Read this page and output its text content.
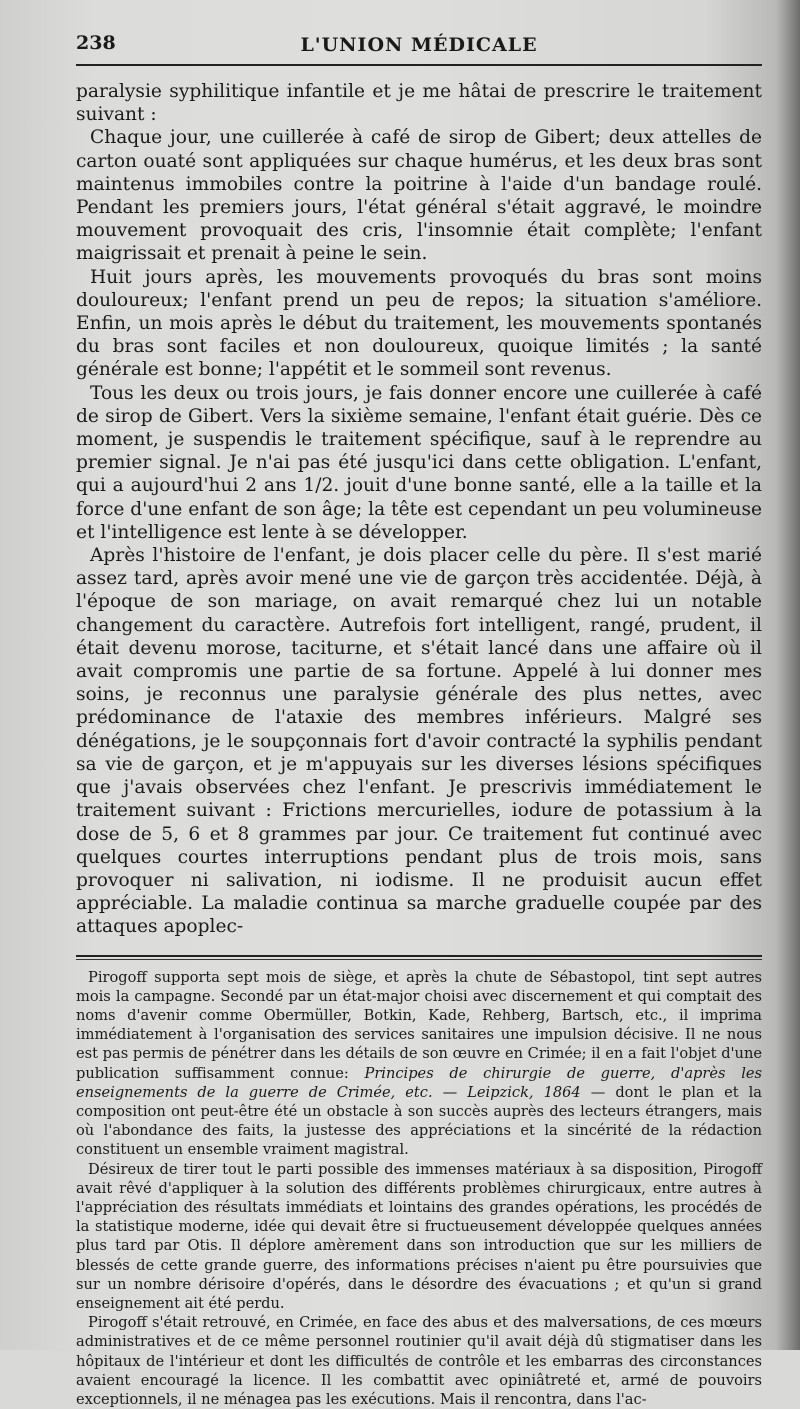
238	L'UNION MÉDICALE

paralysie syphilitique infantile et je me hâtai de prescrire le traitement suivant :

Chaque jour, une cuillerée à café de sirop de Gibert; deux attelles de carton ouaté sont appliquées sur chaque humérus, et les deux bras sont maintenus immobiles contre la poitrine à l'aide d'un bandage roulé. Pendant les premiers jours, l'état général s'était aggravé, le moindre mouvement provoquait des cris, l'insomnie était complète; l'enfant maigrissait et prenait à peine le sein.

Huit jours après, les mouvements provoqués du bras sont moins douloureux; l'enfant prend un peu de repos; la situation s'améliore. Enfin, un mois après le début du traitement, les mouvements spontanés du bras sont faciles et non douloureux, quoique limités ; la santé générale est bonne; l'appétit et le sommeil sont revenus.

Tous les deux ou trois jours, je fais donner encore une cuillerée à café de sirop de Gibert. Vers la sixième semaine, l'enfant était guérie. Dès ce moment, je suspendis le traitement spécifique, sauf à le reprendre au premier signal. Je n'ai pas été jusqu'ici dans cette obligation. L'enfant, qui a aujourd'hui 2 ans 1/2. jouit d'une bonne santé, elle a la taille et la force d'une enfant de son âge; la tête est cependant un peu volumineuse et l'intelligence est lente à se développer.

Après l'histoire de l'enfant, je dois placer celle du père. Il s'est marié assez tard, après avoir mené une vie de garçon très accidentée. Déjà, à l'époque de son mariage, on avait remarqué chez lui un notable changement du caractère. Autrefois fort intelligent, rangé, prudent, il était devenu morose, taciturne, et s'était lancé dans une affaire où il avait compromis une partie de sa fortune. Appelé à lui donner mes soins, je reconnus une paralysie générale des plus nettes, avec prédominance de l'ataxie des membres inférieurs. Malgré ses dénégations, je le soupçonnais fort d'avoir contracté la syphilis pendant sa vie de garçon, et je m'appuyais sur les diverses lésions spécifiques que j'avais observées chez l'enfant. Je prescrivis immédiatement le traitement suivant : Frictions mercurielles, iodure de potassium à la dose de 5, 6 et 8 grammes par jour. Ce traitement fut continué avec quelques courtes interruptions pendant plus de trois mois, sans provoquer ni salivation, ni iodisme. Il ne produisit aucun effet appréciable. La maladie continua sa marche graduelle coupée par des attaques apoplec-

Pirogoff supporta sept mois de siège, et après la chute de Sébastopol, tint sept autres mois la campagne. Secondé par un état-major choisi avec discernement et qui comptait des noms d'avenir comme Obermüller, Botkin, Kade, Rehberg, Bartsch, etc., il imprima immédiatement à l'organisation des services sanitaires une impulsion décisive. Il ne nous est pas permis de pénétrer dans les détails de son œuvre en Crimée; il en a fait l'objet d'une publication suffisamment connue: Principes de chirurgie de guerre, d'après les enseignements de la guerre de Crimée, etc. — Leipzick, 1864 — dont le plan et la composition ont peut-être été un obstacle à son succès auprès des lecteurs étrangers, mais où l'abondance des faits, la justesse des appréciations et la sincérité de la rédaction constituent un ensemble vraiment magistral.

Désireux de tirer tout le parti possible des immenses matériaux à sa disposition, Pirogoff avait rêvé d'appliquer à la solution des différents problèmes chirurgicaux, entre autres à l'appréciation des résultats immédiats et lointains des grandes opérations, les procédés de la statistique moderne, idée qui devait être si fructueusement développée quelques années plus tard par Otis. Il déplore amèrement dans son introduction que sur les milliers de blessés de cette grande guerre, des informations précises n'aient pu être poursuivies que sur un nombre dérisoire d'opérés, dans le désordre des évacuations ; et qu'un si grand enseignement ait été perdu.

Pirogoff s'était retrouvé, en Crimée, en face des abus et des malversations, de ces mœurs administratives et de ce même personnel routinier qu'il avait déjà dû stigmatiser dans les hôpitaux de l'intérieur et dont les difficultés de contrôle et les embarras des circonstances avaient encouragé la licence. Il les combattit avec opiniâtreté et, armé de pouvoirs exceptionnels, il ne ménagea pas les exécutions. Mais il rencontra, dans l'ac-
